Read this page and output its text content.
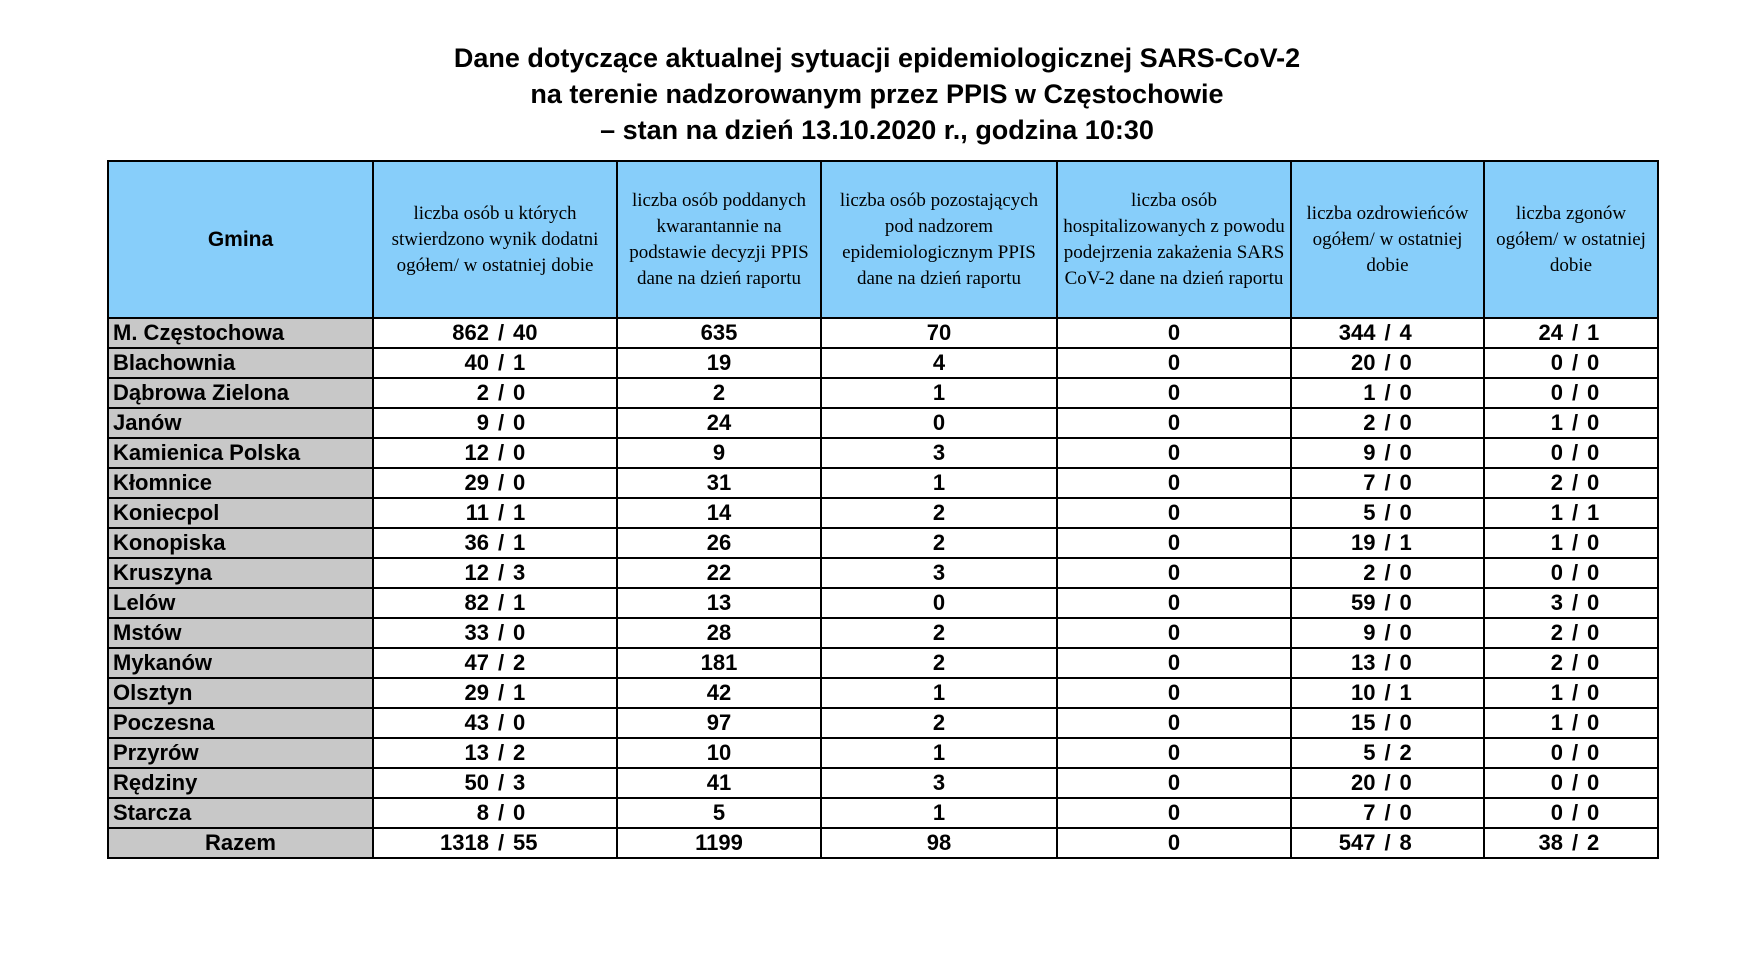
Dane dotyczące aktualnej sytuacji epidemiologicznej SARS-CoV-2
na terenie nadzorowanym przez PPIS w Częstochowie
– stan na dzień 13.10.2020 r., godzina 10:30
Gmina	liczba osób u których stwierdzono wynik dodatni ogółem/ w ostatniej dobie	liczba osób poddanych kwarantannie na podstawie decyzji PPIS dane na dzień raportu	liczba osób pozostających pod nadzorem epidemiologicznym PPIS dane na dzień raportu	liczba osób hospitalizowanych z powodu podejrzenia zakażenia SARS CoV-2 dane na dzień raportu	liczba ozdrowieńców ogółem/ w ostatniej dobie	liczba zgonów ogółem/ w ostatniej dobie
M. Częstochowa	862 / 40	635	70	0	344 / 4	24 / 1

Blachownia	40 / 1	19	4	0	20 / 0	0 / 0

Dąbrowa Zielona	2 / 0	2	1	0	1 / 0	0 / 0

Janów	9 / 0	24	0	0	2 / 0	1 / 0

Kamienica Polska	12 / 0	9	3	0	9 / 0	0 / 0

Kłomnice	29 / 0	31	1	0	7 / 0	2 / 0

Koniecpol	11 / 1	14	2	0	5 / 0	1 / 1

Konopiska	36 / 1	26	2	0	19 / 1	1 / 0

Kruszyna	12 / 3	22	3	0	2 / 0	0 / 0

Lelów	82 / 1	13	0	0	59 / 0	3 / 0

Mstów	33 / 0	28	2	0	9 / 0	2 / 0

Mykanów	47 / 2	181	2	0	13 / 0	2 / 0

Olsztyn	29 / 1	42	1	0	10 / 1	1 / 0

Poczesna	43 / 0	97	2	0	15 / 0	1 / 0

Przyrów	13 / 2	10	1	0	5 / 2	0 / 0

Rędziny	50 / 3	41	3	0	20 / 0	0 / 0

Starcza	8 / 0	5	1	0	7 / 0	0 / 0

Razem	1318 / 55	1199	98	0	547 / 8	38 / 2
